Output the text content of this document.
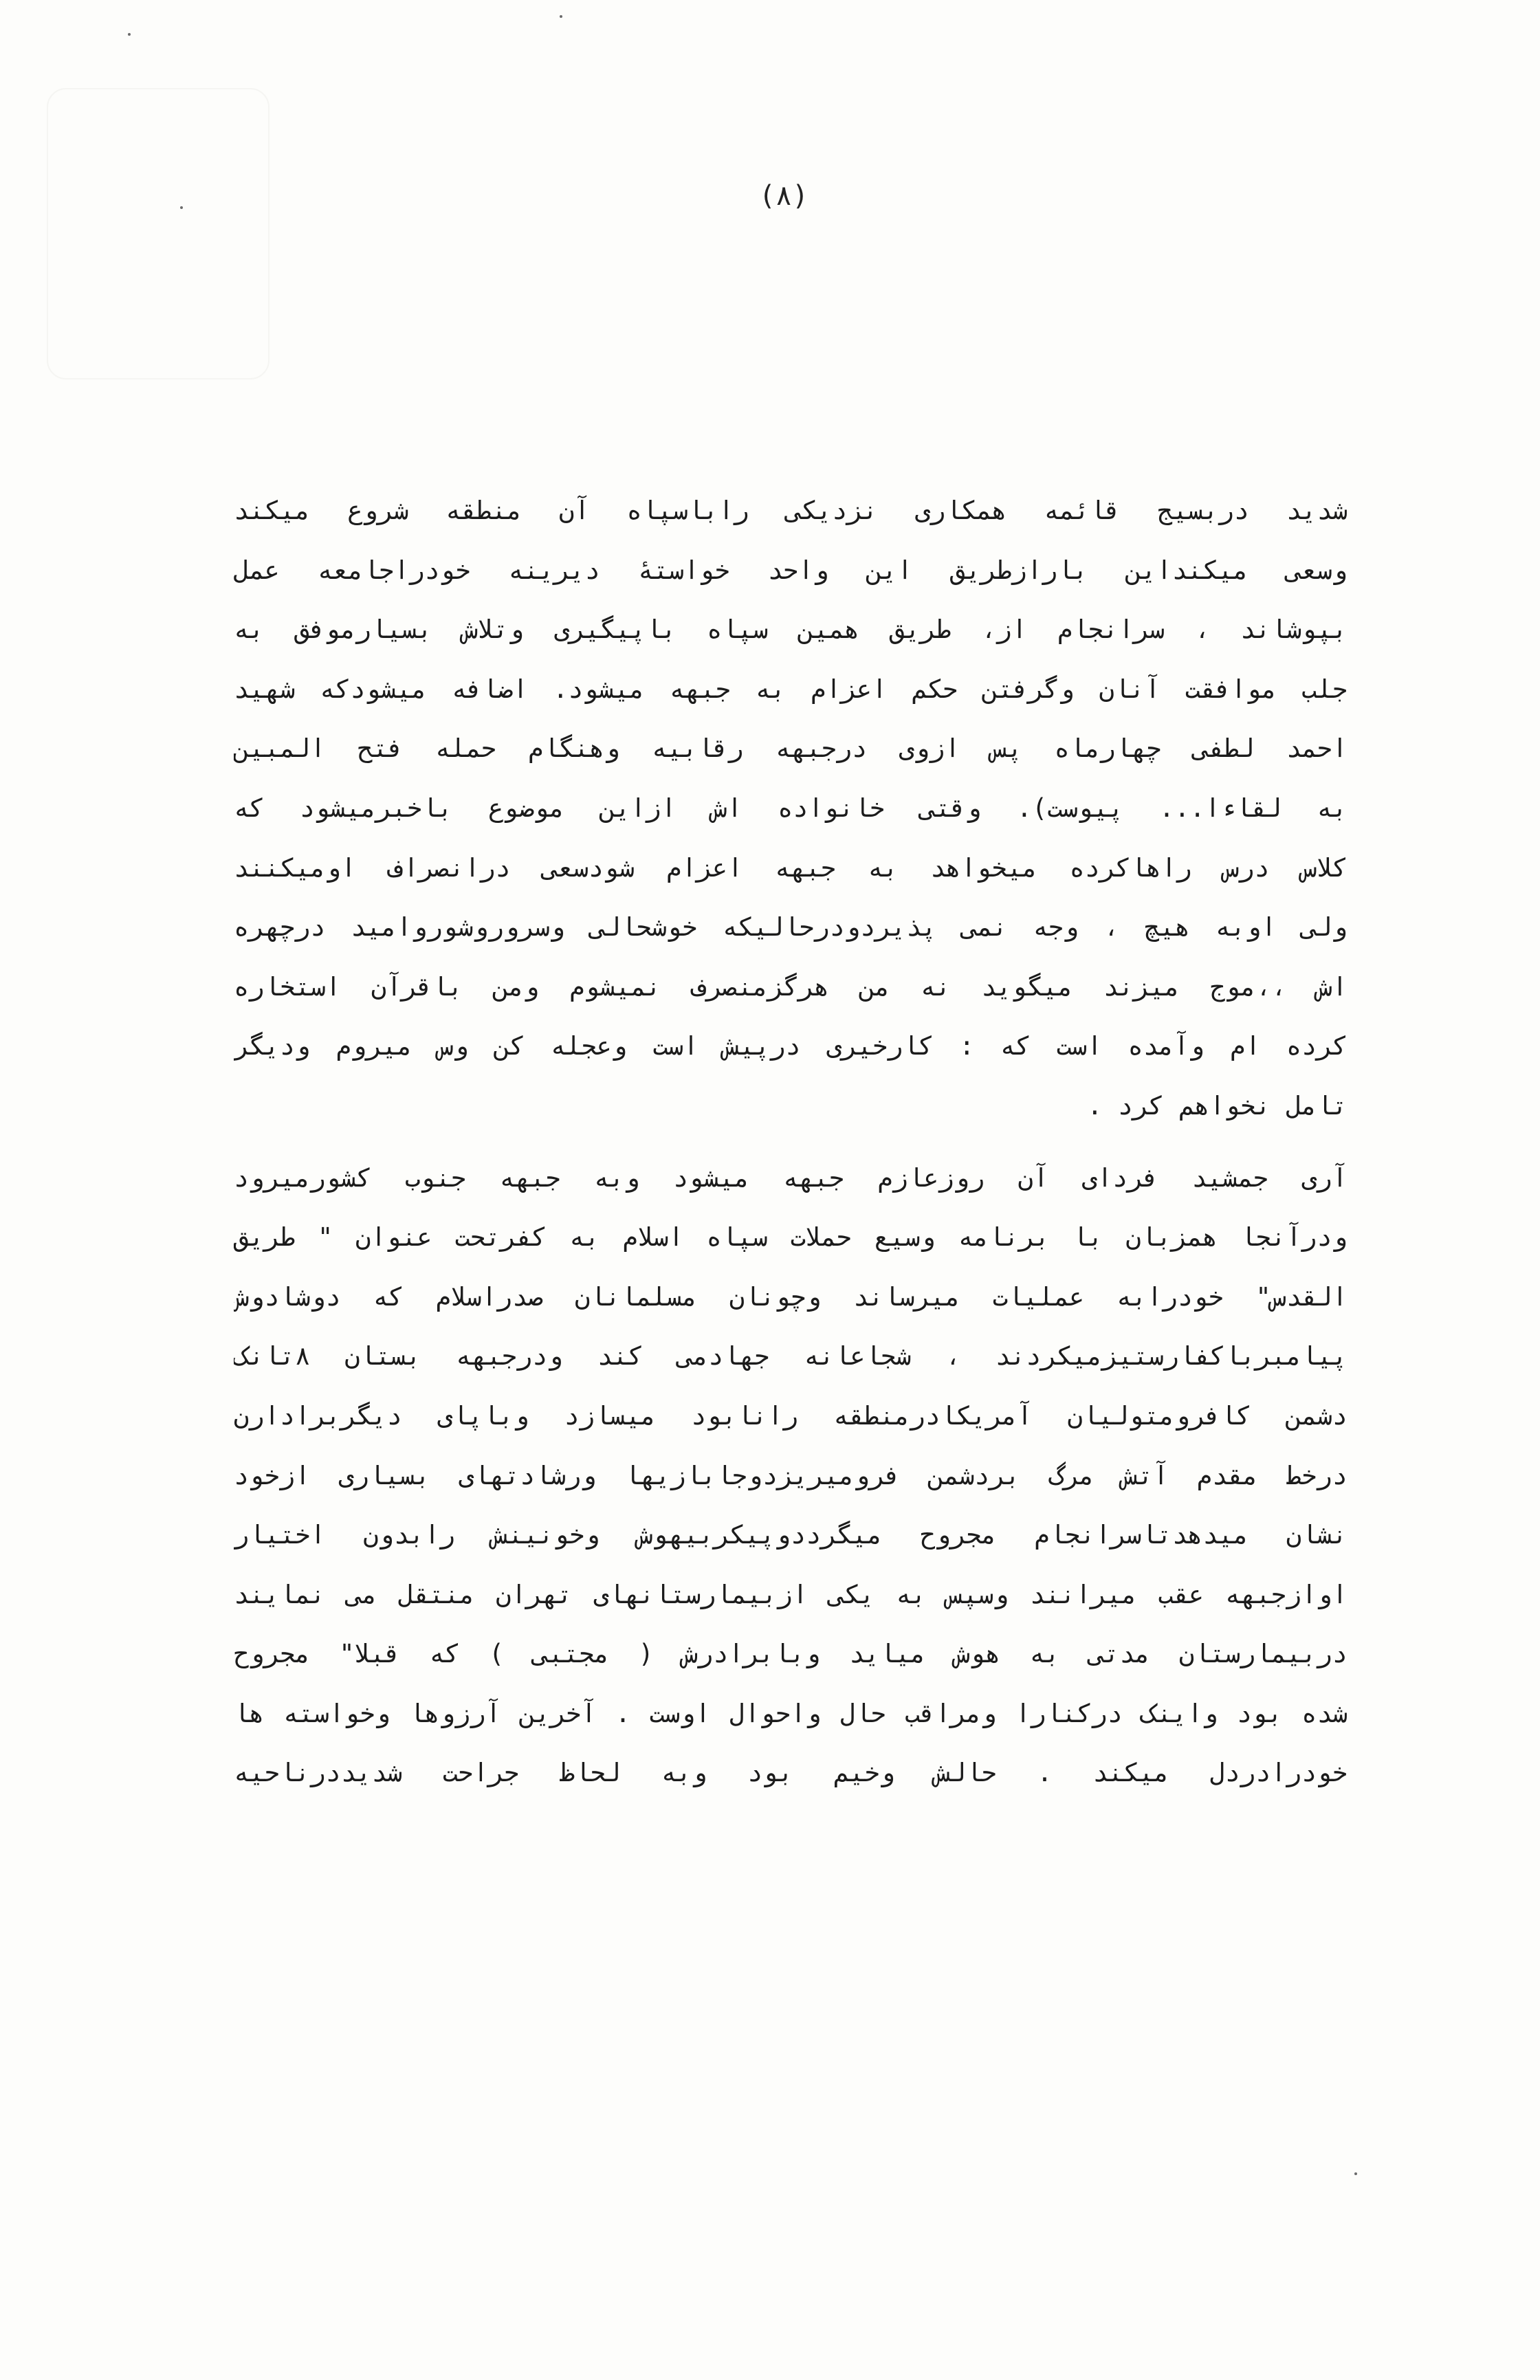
(۸)
شدید دربسیج قائمه همکاری نزدیکی راباسپاه آن منطقه شروع میکند
وسعی میکنداین بارازطریق این واحد خواستهٔ دیرینه خودراجامعه عمل
بپوشاند ، سرانجام از، طریق همین سپاه باپیگیری وتلاش بسیارموفق به
جلب موافقت آنان وگرفتن حکم اعزام به جبهه میشود. اضافه میشودکه شهید
احمد لطفی چهارماه پس ازوی درجبهه رقابیه وهنگام حمله فتح المبین
به لقاءا... پیوست). وقتی خانواده اش ازاین موضوع باخبرمیشود که
کلاس درس راهاکرده میخواهد به جبهه اعزام شودسعی درانصراف اومیکنند
ولی اوبه هیچ ، وجه نمی پذیردودرحالیکه خوشحالی وسروروشوروامید درچهره
اش ،،موج میزند میگوید نه من هرگزمنصرف نمیشوم ومن باقرآن استخاره
کرده ام وآمده است که : کارخیری درپیش است وعجله کن وس میروم ودیگر
تامل نخواهم کرد .
آری جمشید فردای آن روزعازم جبهه میشود وبه جبهه جنوب کشورمیرود
ودرآنجا همزبان با برنامه وسیع حملات سپاه اسلام به کفرتحت عنوان " طریق
القدس" خودرابه عملیات میرساند وچونان مسلمانان صدراسلام که دوشادوش
پیامبرباکفارستیزمیکردند ، شجاعانه جهادمی کند ودرجبهه بستان ۸تانک
دشمن کافرومتولیان آمریکادرمنطقه رانابود میسازد وباپای دیگربرادارن
درخط مقدم آتش مرگ بردشمن فرومیریزدوجابازیها ورشادتهای بسیاری ازخود
نشان میدهدتاسرانجام مجروح میگرددوپیکربیهوش وخونینش رابدون اختیار
اوازجبهه عقب میرانند وسپس به یکی ازبیمارستانهای تهران منتقل می نمایند
دربیمارستان مدتی به هوش میاید وبابرادرش ( مجتبی ) که قبلا" مجروح
شده بود واینک درکنارا ومراقب حال واحوال اوست . آخرین آرزوها وخواسته ها
خودرادردل میکند . حالش وخیم بود وبه لحاظ جراحت شدیددرناحیه
